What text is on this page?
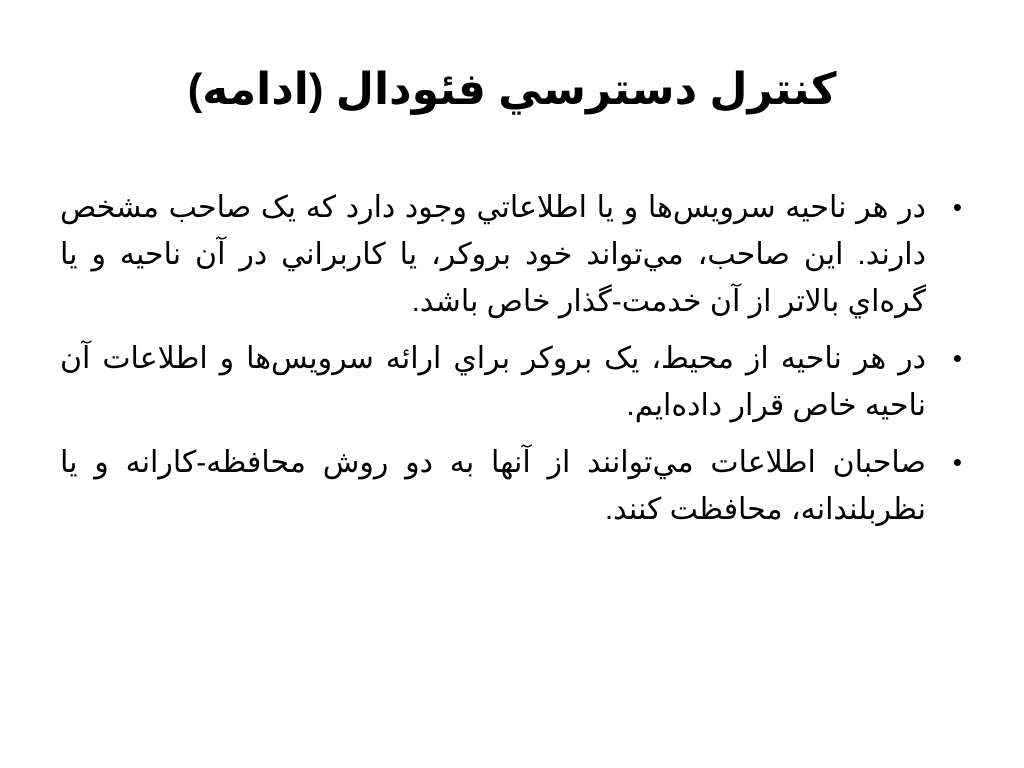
کنترل دسترسي فئودال (ادامه)
•
در هر ناحيه سرويس‌ها و يا اطلاعاتي وجود دارد که يک صاحب مشخص دارند. اين صاحب، مي‌تواند خود بروکر، يا کاربراني در آن ناحيه و يا گره‌اي بالاتر از آن خدمت-گذار خاص باشد.
•
در هر ناحيه از محيط، يک بروکر براي ارائه سرويس‌ها و اطلاعات آن ناحيه خاص قرار داده‌ايم.
•
صاحبان اطلاعات مي‌توانند از آنها به دو روش محافظه-کارانه و يا نظربلندانه، محافظت کنند.
